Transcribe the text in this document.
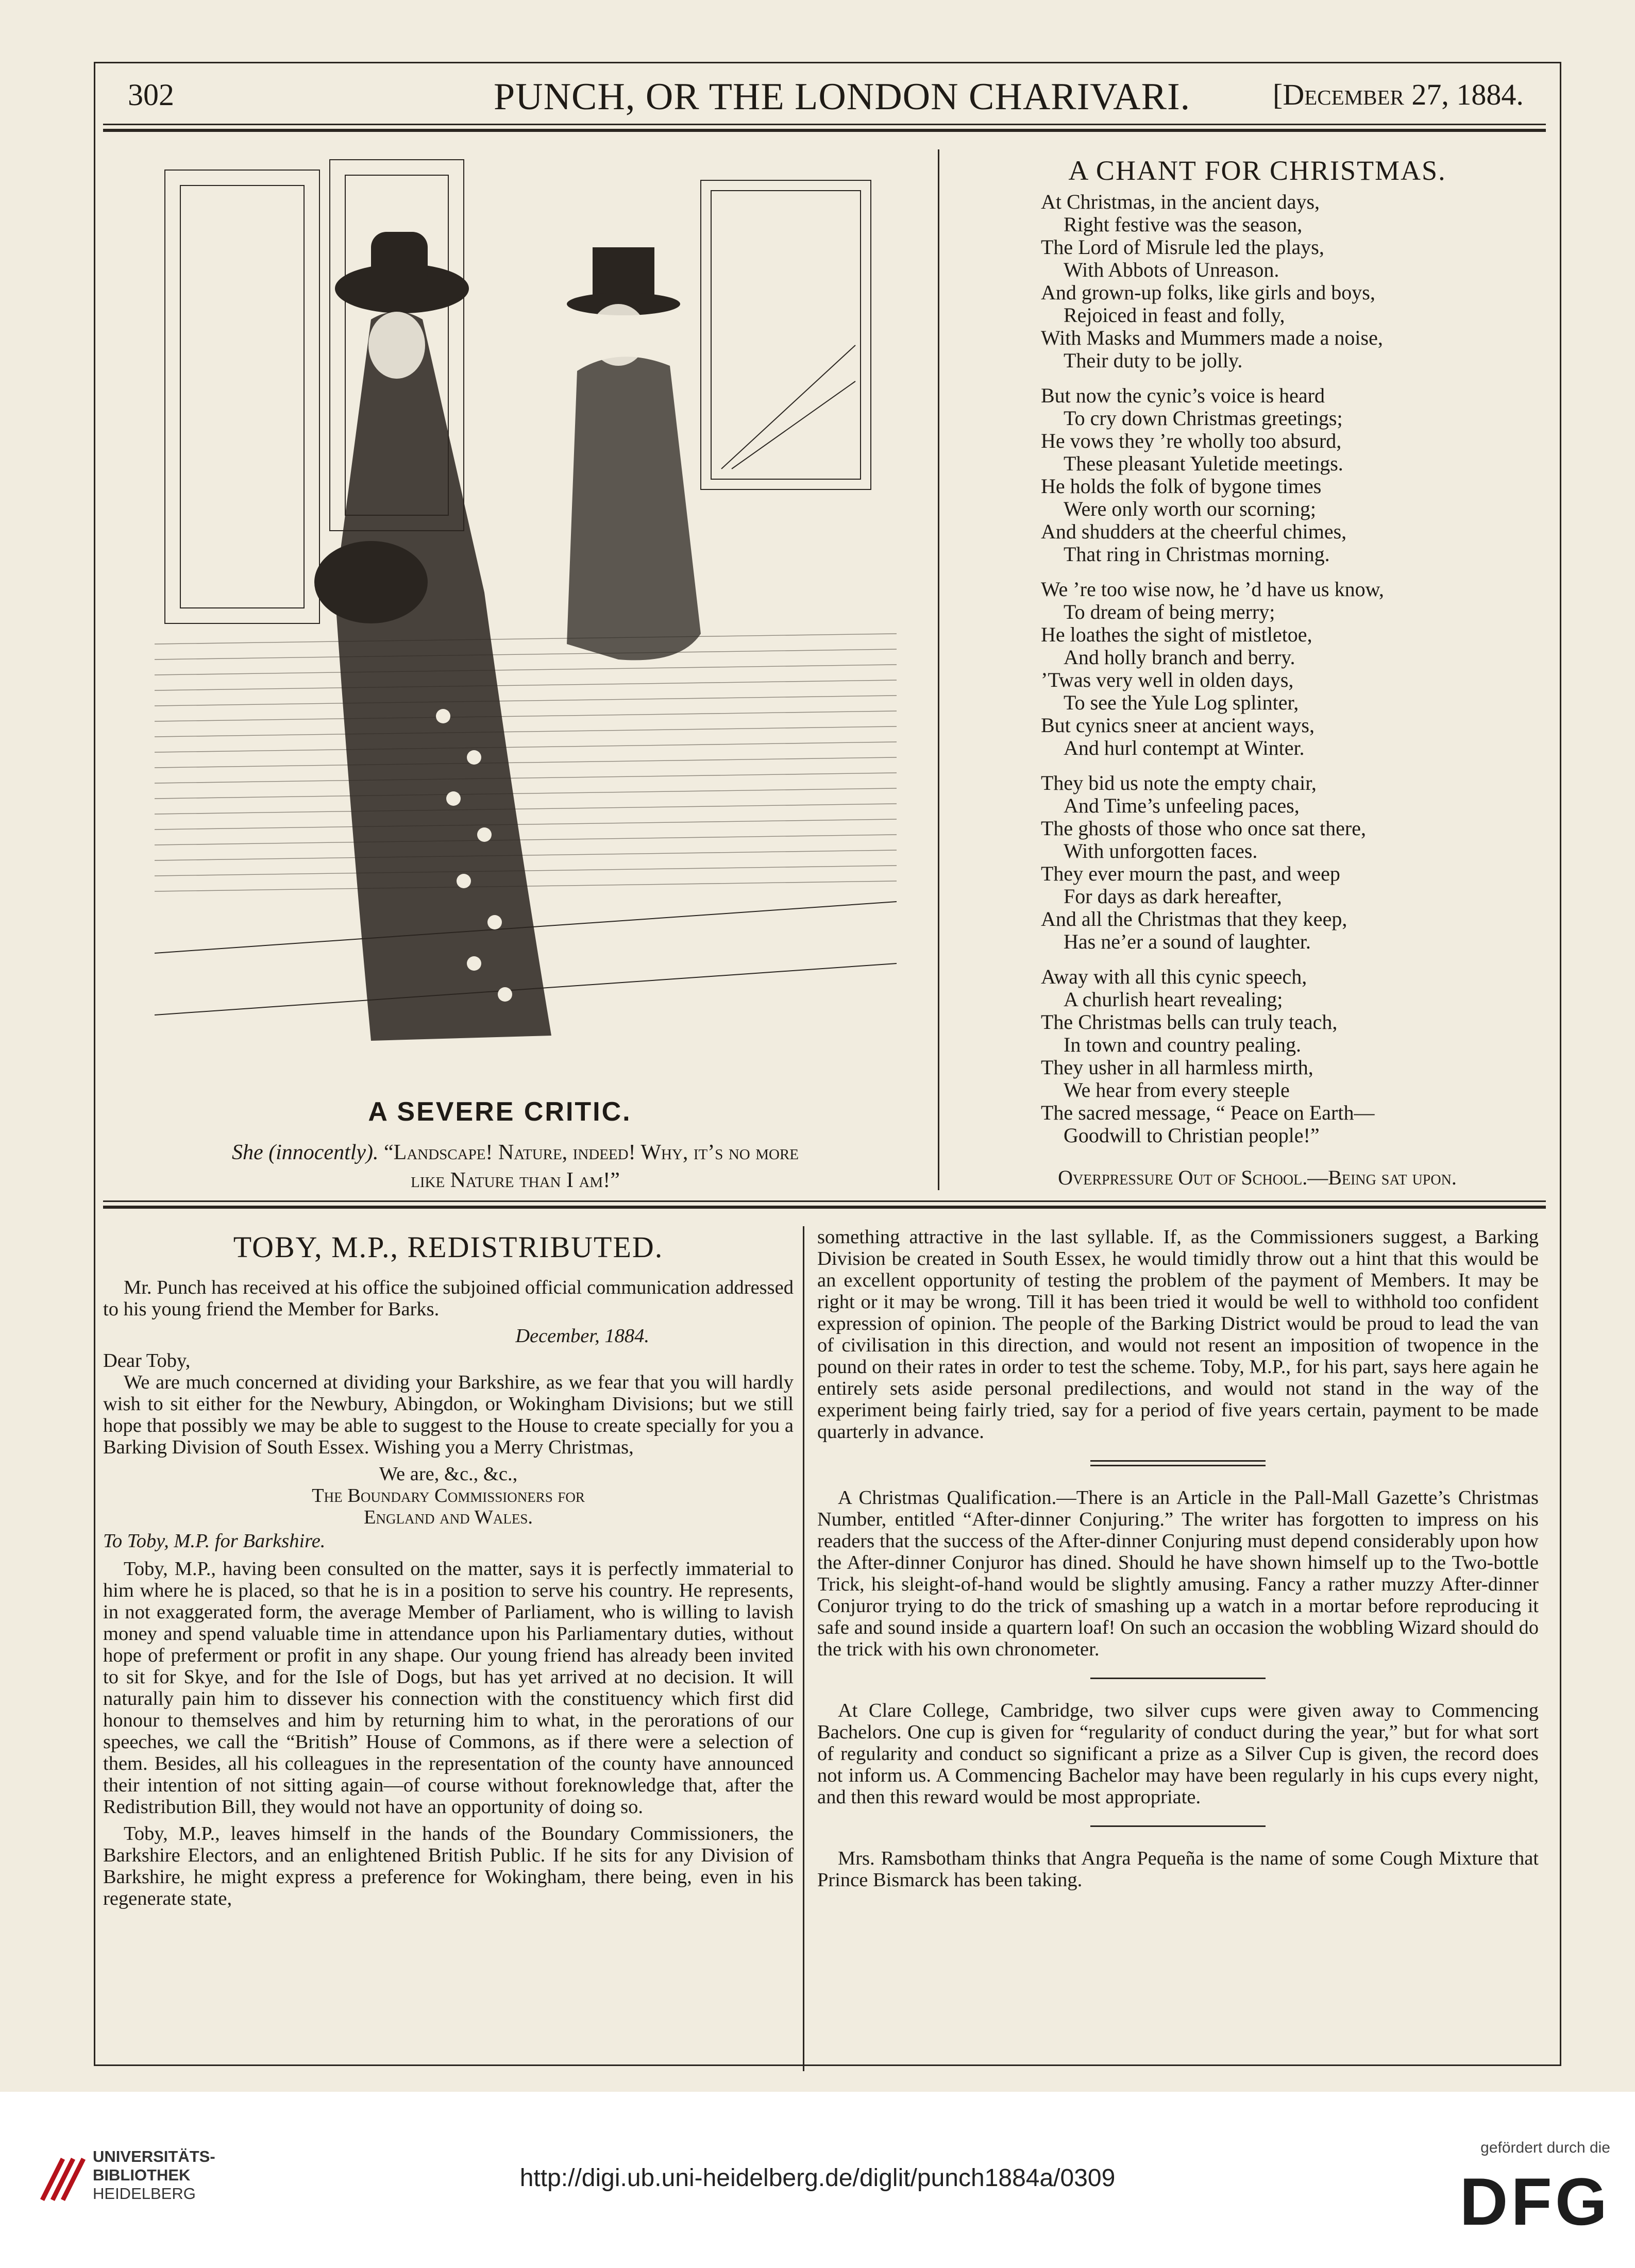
302	PUNCH, OR THE LONDON CHARIVARI.	[December 27, 1884.
A SEVERE CRITIC.
She (innocently). “Landscape! Nature, indeed! Why, it’s no more
like Nature than I am!”
A CHANT FOR CHRISTMAS.
At Christmas, in the ancient days,
Right festive was the season,
The Lord of Misrule led the plays,
With Abbots of Unreason.
And grown-up folks, like girls and boys,
Rejoiced in feast and folly,
With Masks and Mummers made a noise,
Their duty to be jolly.
But now the cynic’s voice is heard
To cry down Christmas greetings;
He vows they ’re wholly too absurd,
These pleasant Yuletide meetings.
He holds the folk of bygone times
Were only worth our scorning;
And shudders at the cheerful chimes,
That ring in Christmas morning.
We ’re too wise now, he ’d have us know,
To dream of being merry;
He loathes the sight of mistletoe,
And holly branch and berry.
’Twas very well in olden days,
To see the Yule Log splinter,
But cynics sneer at ancient ways,
And hurl contempt at Winter.
They bid us note the empty chair,
And Time’s unfeeling paces,
The ghosts of those who once sat there,
With unforgotten faces.
They ever mourn the past, and weep
For days as dark hereafter,
And all the Christmas that they keep,
Has ne’er a sound of laughter.
Away with all this cynic speech,
A churlish heart revealing;
The Christmas bells can truly teach,
In town and country pealing.
They usher in all harmless mirth,
We hear from every steeple
The sacred message, “ Peace on Earth—
Goodwill to Christian people!”
Overpressure Out of School.—Being sat upon.
TOBY, M.P., REDISTRIBUTED.

Mr. Punch has received at his office the subjoined official communication addressed to his young friend the Member for Barks.

December, 1884.

Dear Toby,

We are much concerned at dividing your Barkshire, as we fear that you will hardly wish to sit either for the Newbury, Abingdon, or Wokingham Divisions; but we still hope that possibly we may be able to suggest to the House to create specially for you a Barking Division of South Essex. Wishing you a Merry Christmas,

We are, &c., &c.,

The Boundary Commissioners for

England and Wales.

To Toby, M.P. for Barkshire.

Toby, M.P., having been consulted on the matter, says it is perfectly immaterial to him where he is placed, so that he is in a position to serve his country. He represents, in not exaggerated form, the average Member of Parliament, who is willing to lavish money and spend valuable time in attendance upon his Parliamentary duties, without hope of preferment or profit in any shape. Our young friend has already been invited to sit for Skye, and for the Isle of Dogs, but has yet arrived at no decision. It will naturally pain him to dissever his connection with the constituency which first did honour to themselves and him by returning him to what, in the perorations of our speeches, we call the “British” House of Commons, as if there were a selection of them. Besides, all his colleagues in the representation of the county have announced their intention of not sitting again—of course without foreknowledge that, after the Redistribution Bill, they would not have an opportunity of doing so.

Toby, M.P., leaves himself in the hands of the Boundary Commissioners, the Barkshire Electors, and an enlightened British Public. If he sits for any Division of Barkshire, he might express a preference for Wokingham, there being, even in his regenerate state,

something attractive in the last syllable. If, as the Commissioners suggest, a Barking Division be created in South Essex, he would timidly throw out a hint that this would be an excellent opportunity of testing the problem of the payment of Members. It may be right or it may be wrong. Till it has been tried it would be well to withhold too confident expression of opinion. The people of the Barking District would be proud to lead the van of civilisation in this direction, and would not resent an imposition of twopence in the pound on their rates in order to test the scheme. Toby, M.P., for his part, says here again he entirely sets aside personal predilections, and would not stand in the way of the experiment being fairly tried, say for a period of five years certain, payment to be made quarterly in advance.

A Christmas Qualification.—There is an Article in the Pall-Mall Gazette’s Christmas Number, entitled “After-dinner Conjuring.” The writer has forgotten to impress on his readers that the success of the After-dinner Conjuring must depend considerably upon how the After-dinner Conjuror has dined. Should he have shown himself up to the Two-bottle Trick, his sleight-of-hand would be slightly amusing. Fancy a rather muzzy After-dinner Conjuror trying to do the trick of smashing up a watch in a mortar before reproducing it safe and sound inside a quartern loaf! On such an occasion the wobbling Wizard should do the trick with his own chronometer.

At Clare College, Cambridge, two silver cups were given away to Commencing Bachelors. One cup is given for “regularity of conduct during the year,” but for what sort of regularity and conduct so significant a prize as a Silver Cup is given, the record does not inform us. A Commencing Bachelor may have been regularly in his cups every night, and then this reward would be most appropriate.

Mrs. Ramsbotham thinks that Angra Pequeña is the name of some Cough Mixture that Prince Bismarck has been taking.

UNIVERSITÄTS-
BIBLIOTHEK
HEIDELBERG
http://digi.ub.uni-heidelberg.de/diglit/punch1884a/0309
gefördert durch die
DFG
